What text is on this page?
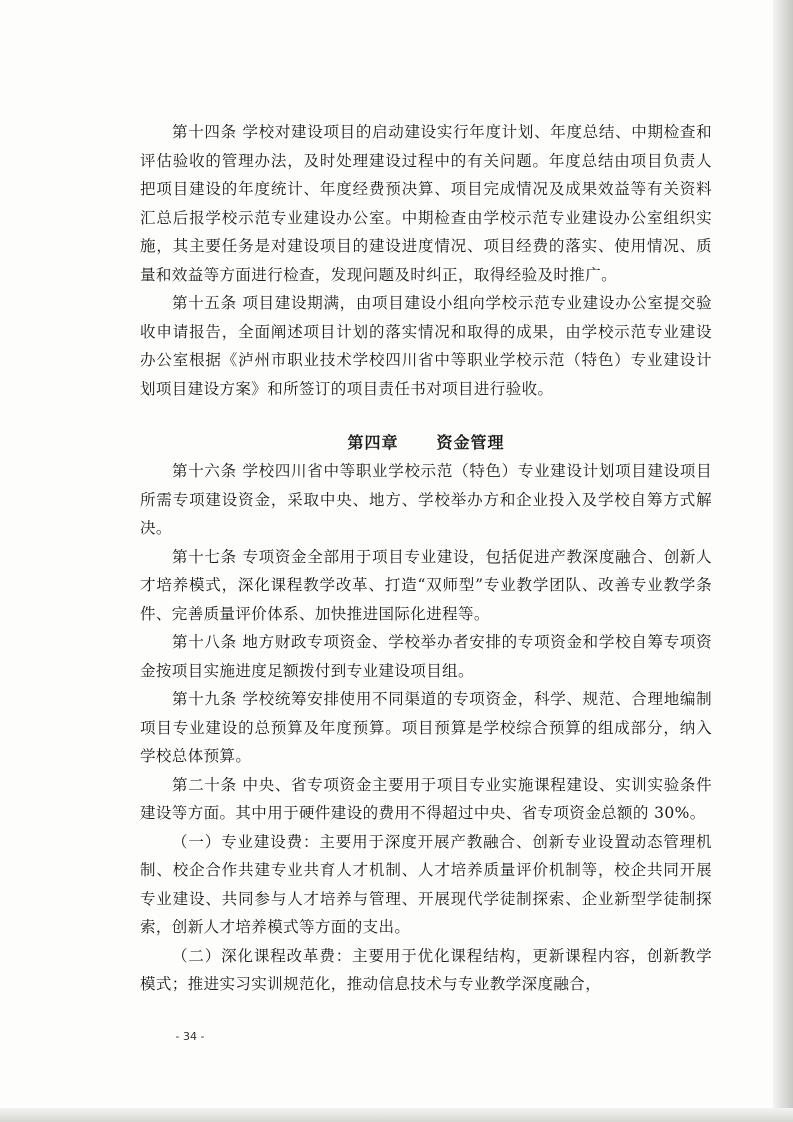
第十四条 学校对建设项目的启动建设实行年度计划、年度总结、中期检查和评估验收的管理办法，及时处理建设过程中的有关问题。年度总结由项目负责人把项目建设的年度统计、年度经费预决算、项目完成情况及成果效益等有关资料汇总后报学校示范专业建设办公室。中期检查由学校示范专业建设办公室组织实施，其主要任务是对建设项目的建设进度情况、项目经费的落实、使用情况、质量和效益等方面进行检查，发现问题及时纠正，取得经验及时推广。

第十五条 项目建设期满，由项目建设小组向学校示范专业建设办公室提交验收申请报告，全面阐述项目计划的落实情况和取得的成果，由学校示范专业建设办公室根据《泸州市职业技术学校四川省中等职业学校示范（特色）专业建设计划项目建设方案》和所签订的项目责任书对项目进行验收。

第四章 资金管理

第十六条 学校四川省中等职业学校示范（特色）专业建设计划项目建设项目所需专项建设资金，采取中央、地方、学校举办方和企业投入及学校自筹方式解决。

第十七条 专项资金全部用于项目专业建设，包括促进产教深度融合、创新人才培养模式，深化课程教学改革、打造“双师型”专业教学团队、改善专业教学条件、完善质量评价体系、加快推进国际化进程等。

第十八条 地方财政专项资金、学校举办者安排的专项资金和学校自筹专项资金按项目实施进度足额拨付到专业建设项目组。

第十九条 学校统筹安排使用不同渠道的专项资金，科学、规范、合理地编制项目专业建设的总预算及年度预算。项目预算是学校综合预算的组成部分，纳入学校总体预算。

第二十条 中央、省专项资金主要用于项目专业实施课程建设、实训实验条件建设等方面。其中用于硬件建设的费用不得超过中央、省专项资金总额的 30%。

（一）专业建设费：主要用于深度开展产教融合、创新专业设置动态管理机制、校企合作共建专业共育人才机制、人才培养质量评价机制等，校企共同开展专业建设、共同参与人才培养与管理、开展现代学徒制探索、企业新型学徒制探索，创新人才培养模式等方面的支出。

（二）深化课程改革费：主要用于优化课程结构，更新课程内容，创新教学模式；推进实习实训规范化，推动信息技术与专业教学深度融合，

- 34 -
